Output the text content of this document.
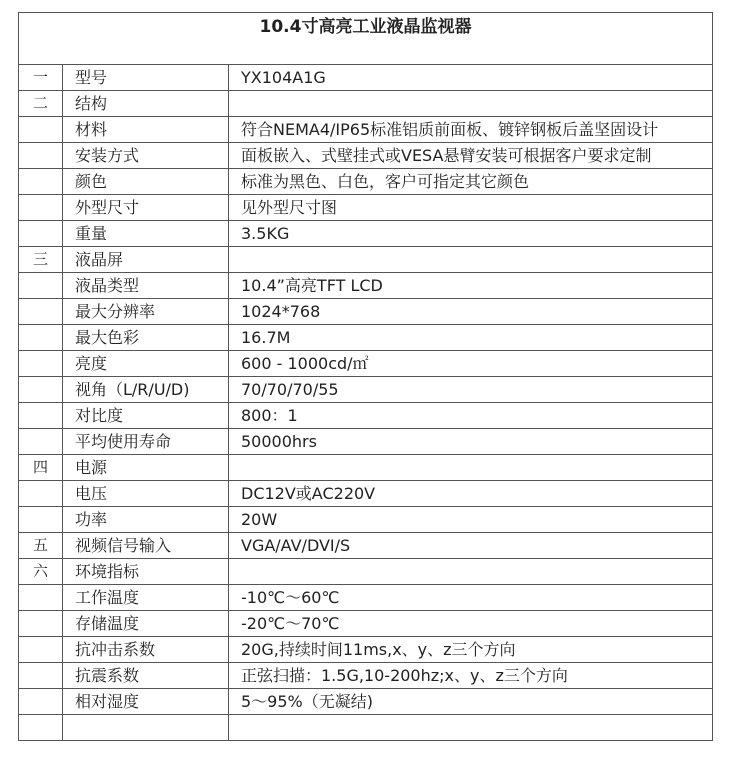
10.4寸高亮工业液晶监视器		
一	型号	YX104A1G
二	结构	
	材料	符合NEMA4/IP65标准铝质前面板、镀锌钢板后盖坚固设计
	安装方式	面板嵌入、式壁挂式或VESA悬臂安装可根据客户要求定制
	颜色	标准为黑色、白色，客户可指定其它颜色
	外型尺寸	见外型尺寸图
	重量	3.5KG
三	液晶屏	
	液晶类型	10.4”高亮TFT LCD
	最大分辨率	1024*768
	最大色彩	16.7M
	亮度	600 - 1000cd/㎡
	视角（L/R/U/D)	70/70/70/55
	对比度	800：1
	平均使用寿命	50000hrs
四	电源	
	电压	DC12V或AC220V
	功率	20W
五	视频信号输入	VGA/AV/DVI/S
六	环境指标	
	工作温度	-10℃～60℃
	存储温度	-20℃～70℃
	抗冲击系数	20G,持续时间11ms,x、y、z三个方向
	抗震系数	正弦扫描：1.5G,10-200hz;x、y、z三个方向
	相对湿度	5～95%（无凝结)
